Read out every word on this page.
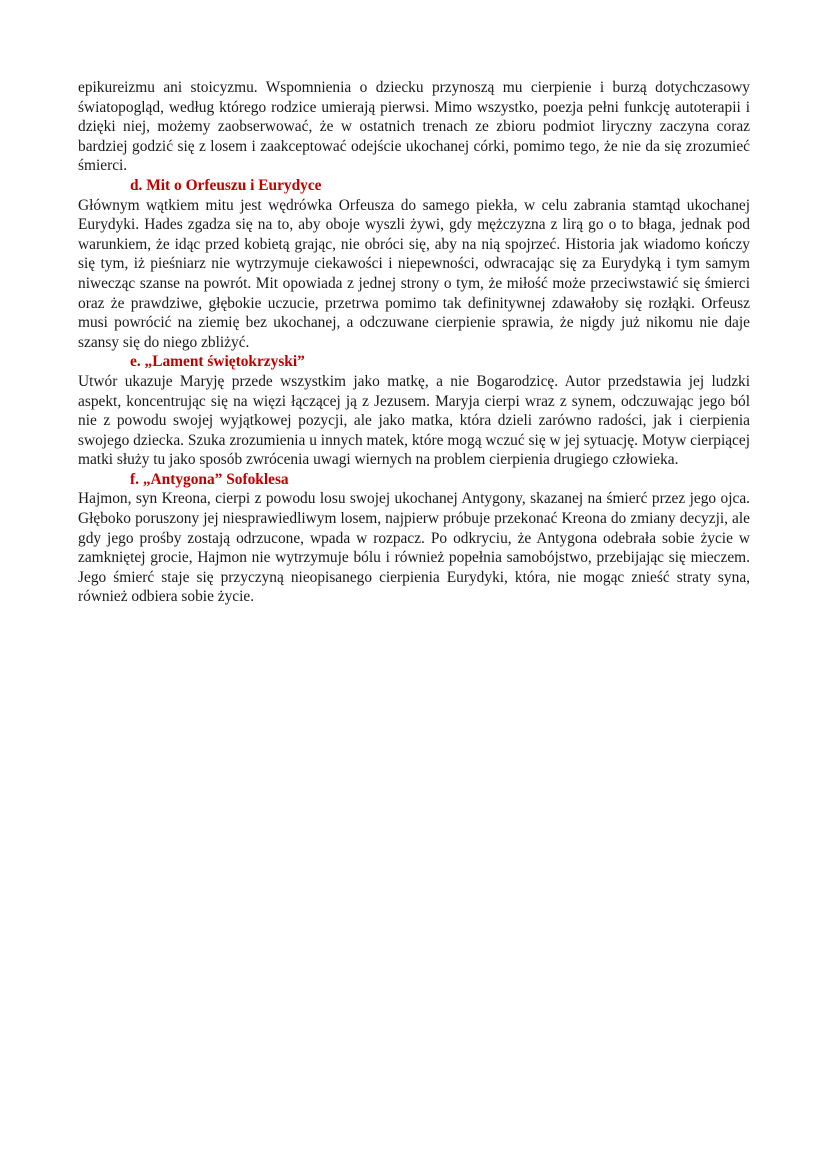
epikureizmu ani stoicyzmu. Wspomnienia o dziecku przynoszą mu cierpienie i burzą dotychczasowy światopogląd, według którego rodzice umierają pierwsi. Mimo wszystko, poezja pełni funkcję autoterapii i dzięki niej, możemy zaobserwować, że w ostatnich trenach ze zbioru podmiot liryczny zaczyna coraz bardziej godzić się z losem i zaakceptować odejście ukochanej córki, pomimo tego, że nie da się zrozumieć śmierci.

d. Mit o Orfeuszu i Eurydyce

Głównym wątkiem mitu jest wędrówka Orfeusza do samego piekła, w celu zabrania stamtąd ukochanej Eurydyki. Hades zgadza się na to, aby oboje wyszli żywi, gdy mężczyzna z lirą go o to błaga, jednak pod warunkiem, że idąc przed kobietą grając, nie obróci się, aby na nią spojrzeć. Historia jak wiadomo kończy się tym, iż pieśniarz nie wytrzymuje ciekawości i niepewności, odwracając się za Eurydyką i tym samym niwecząc szanse na powrót. Mit opowiada z jednej strony o tym, że miłość może przeciwstawić się śmierci oraz że prawdziwe, głębokie uczucie, przetrwa pomimo tak definitywnej zdawałoby się rozłąki. Orfeusz musi powrócić na ziemię bez ukochanej, a odczuwane cierpienie sprawia, że nigdy już nikomu nie daje szansy się do niego zbliżyć.

e. „Lament świętokrzyski”

Utwór ukazuje Maryję przede wszystkim jako matkę, a nie Bogarodzicę. Autor przedstawia jej ludzki aspekt, koncentrując się na więzi łączącej ją z Jezusem. Maryja cierpi wraz z synem, odczuwając jego ból nie z powodu swojej wyjątkowej pozycji, ale jako matka, która dzieli zarówno radości, jak i cierpienia swojego dziecka. Szuka zrozumienia u innych matek, które mogą wczuć się w jej sytuację. Motyw cierpiącej matki służy tu jako sposób zwrócenia uwagi wiernych na problem cierpienia drugiego człowieka.

f. „Antygona” Sofoklesa

Hajmon, syn Kreona, cierpi z powodu losu swojej ukochanej Antygony, skazanej na śmierć przez jego ojca. Głęboko poruszony jej niesprawiedliwym losem, najpierw próbuje przekonać Kreona do zmiany decyzji, ale gdy jego prośby zostają odrzucone, wpada w rozpacz. Po odkryciu, że Antygona odebrała sobie życie w zamkniętej grocie, Hajmon nie wytrzymuje bólu i również popełnia samobójstwo, przebijając się mieczem. Jego śmierć staje się przyczyną nieopisanego cierpienia Eurydyki, która, nie mogąc znieść straty syna, również odbiera sobie życie.
